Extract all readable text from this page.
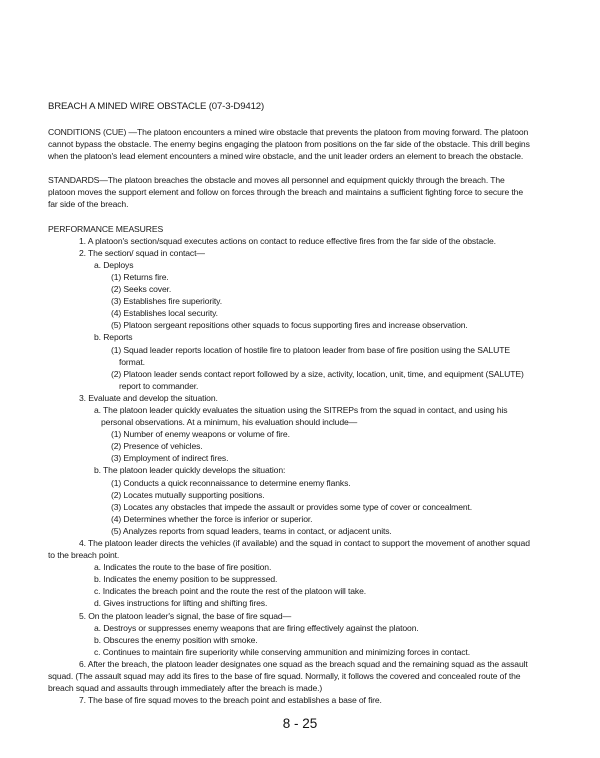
BREACH A MINED WIRE OBSTACLE (07-3-D9412)
CONDITIONS (CUE) —The platoon encounters a mined wire obstacle that prevents the platoon from moving forward. The platoon
cannot bypass the obstacle. The enemy begins engaging the platoon from positions on the far side of the obstacle. This drill begins
when the platoon's lead element encounters a mined wire obstacle, and the unit leader orders an element to breach the obstacle.
STANDARDS—The platoon breaches the obstacle and moves all personnel and equipment quickly through the breach. The
platoon moves the support element and follow on forces through the breach and maintains a sufficient fighting force to secure the
far side of the breach.
PERFORMANCE MEASURES
1. A platoon's section/squad executes actions on contact to reduce effective fires from the far side of the obstacle.
2. The section/ squad in contact—
a. Deploys
(1) Returns fire.
(2) Seeks cover.
(3) Establishes fire superiority.
(4) Establishes local security.
(5) Platoon sergeant repositions other squads to focus supporting fires and increase observation.
b. Reports
(1) Squad leader reports location of hostile fire to platoon leader from base of fire position using the SALUTE
format.
(2) Platoon leader sends contact report followed by a size, activity, location, unit, time, and equipment (SALUTE)
report to commander.
3. Evaluate and develop the situation.
a. The platoon leader quickly evaluates the situation using the SITREPs from the squad in contact, and using his
personal observations. At a minimum, his evaluation should include—
(1) Number of enemy weapons or volume of fire.
(2) Presence of vehicles.
(3) Employment of indirect fires.
b. The platoon leader quickly develops the situation:
(1) Conducts a quick reconnaissance to determine enemy flanks.
(2) Locates mutually supporting positions.
(3) Locates any obstacles that impede the assault or provides some type of cover or concealment.
(4) Determines whether the force is inferior or superior.
(5) Analyzes reports from squad leaders, teams in contact, or adjacent units.
4. The platoon leader directs the vehicles (if available) and the squad in contact to support the movement of another squad
to the breach point.
a. Indicates the route to the base of fire position.
b. Indicates the enemy position to be suppressed.
c. Indicates the breach point and the route the rest of the platoon will take.
d. Gives instructions for lifting and shifting fires.
5. On the platoon leader's signal, the base of fire squad—
a. Destroys or suppresses enemy weapons that are firing effectively against the platoon.
b. Obscures the enemy position with smoke.
c. Continues to maintain fire superiority while conserving ammunition and minimizing forces in contact.
6. After the breach, the platoon leader designates one squad as the breach squad and the remaining squad as the assault
squad. (The assault squad may add its fires to the base of fire squad. Normally, it follows the covered and concealed route of the
breach squad and assaults through immediately after the breach is made.)
7. The base of fire squad moves to the breach point and establishes a base of fire.
8 - 25
